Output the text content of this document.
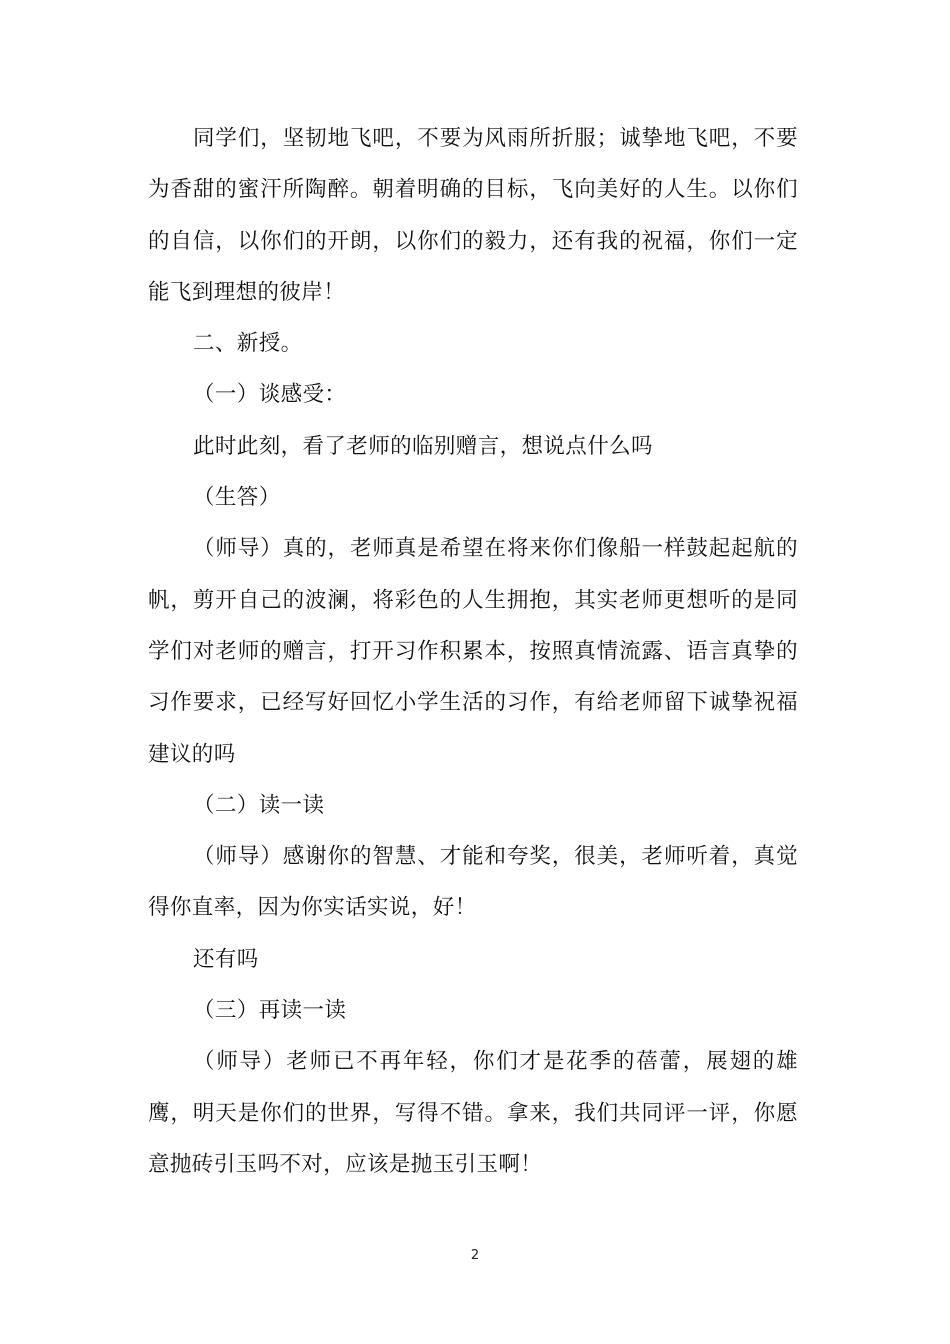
同学们，坚韧地飞吧，不要为风雨所折服；诚挚地飞吧，不要为香甜的蜜汗所陶醉。朝着明确的目标，飞向美好的人生。以你们的自信，以你们的开朗，以你们的毅力，还有我的祝福，你们一定能飞到理想的彼岸！

二、新授。

（一）谈感受：

此时此刻，看了老师的临别赠言，想说点什么吗

（生答）

（师导）真的，老师真是希望在将来你们像船一样鼓起起航的帆，剪开自己的波澜，将彩色的人生拥抱，其实老师更想听的是同学们对老师的赠言，打开习作积累本，按照真情流露、语言真挚的习作要求，已经写好回忆小学生活的习作，有给老师留下诚挚祝福建议的吗

（二）读一读

（师导）感谢你的智慧、才能和夸奖，很美，老师听着，真觉得你直率，因为你实话实说，好！

还有吗

（三）再读一读

（师导）老师已不再年轻，你们才是花季的蓓蕾，展翅的雄鹰，明天是你们的世界，写得不错。拿来，我们共同评一评，你愿意抛砖引玉吗不对，应该是抛玉引玉啊！

2
